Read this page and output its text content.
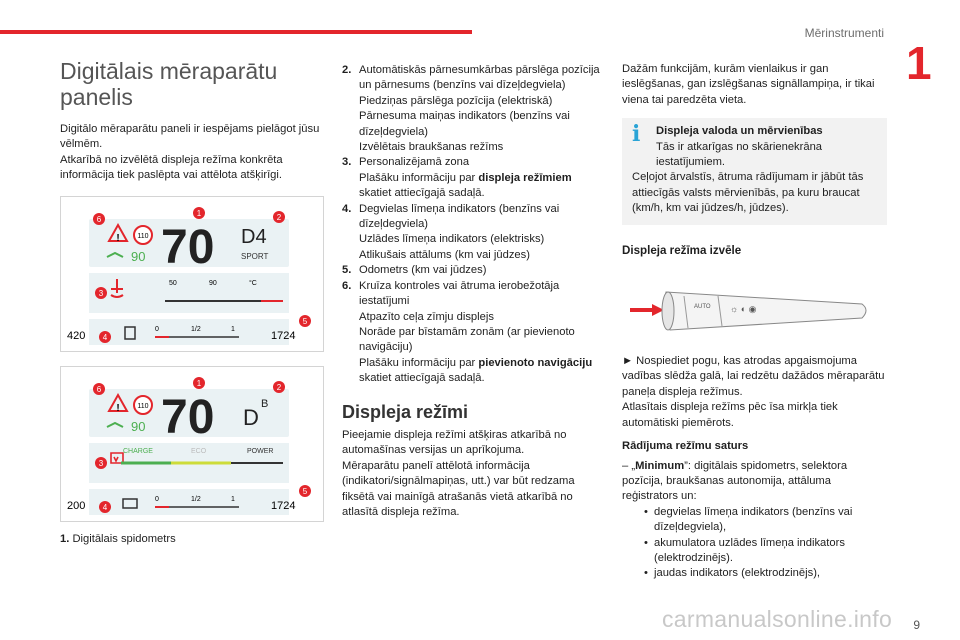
Mērinstrumenti
1
Digitālais mēraparātu panelis

Digitālo mēraparātu paneli ir iespējams pielāgot jūsu vēlmēm.

Atkarībā no izvēlētā displeja režīma konkrēta informācija tiek paslēpta vai attēlota atšķirīgi.

!	110
90 70 D4
SPORT
50	90	°C
420
0	1/2	1
1724
1	2
3
4
5
6
!	110
90 70 D
B
CHARGE	ECO	POWER
200
0	1/2	1
1724
1	2
3
4
5
6
1. Digitālais spidometrs
2. Automātiskās pārnesumkārbas pārslēga pozīcija un pārnesums (benzīns vai dīzeļdegviela)
Piedziņas pārslēga pozīcija (elektriskā)
Pārnesuma maiņas indikators (benzīns vai dīzeļdegviela)
Izvēlētais braukšanas režīms
3. Personalizējamā zona
Plašāku informāciju par displeja režīmiem skatiet attiecīgajā sadaļā.
4. Degvielas līmeņa indikators (benzīns vai dīzeļdegviela)
Uzlādes līmeņa indikators (elektrisks)
Atlikušais attālums (km vai jūdzes)
5. Odometrs (km vai jūdzes)
6. Kruīza kontroles vai ātruma ierobežotāja iestatījumi
Atpazīto ceļa zīmju displejs
Norāde par bīstamām zonām (ar pievienoto navigāciju)
Plašāku informāciju par pievienoto navigāciju skatiet attiecīgajā sadaļā.
Displeja režīmi

Pieejamie displeja režīmi atšķiras atkarībā no automašīnas versijas un aprīkojuma.

Mēraparātu panelī attēlotā informācija (indikatori/signālmapiņas, utt.) var būt redzama fiksētā vai mainīgā atrašanās vietā atkarībā no atlasītā displeja režīma.

Dažām funkcijām, kurām vienlaikus ir gan ieslēgšanas, gan izslēgšanas signāllampiņa, ir tikai viena tai paredzēta vieta.

i	Displeja valoda un mērvienības
Tās ir atkarīgas no skārienekrāna iestatījumiem.
Ceļojot ārvalstīs, ātruma rādījumam ir jābūt tās attiecīgās valsts mērvienībās, pa kuru braucat (km/h, km vai jūdzes/h, jūdzes).
Displeja režīma izvēle
AUTO ☼ ◐ ◉

► Nospiediet pogu, kas atrodas apgaismojuma vadības slēdža galā, lai redzētu dažādos mēraparātu paneļa displeja režīmus.

Atlasītais displeja režīms pēc īsa mirkļa tiek automātiski piemērots.

Rādījuma režīmu saturs

– „Minimum”: digitālais spidometrs, selektora pozīcija, braukšanas autonomija, attāluma reģistrators un:

• degvielas līmeņa indikators (benzīns vai dīzeļdegviela),
• akumulatora uzlādes līmeņa indikators (elektrodzinējs).
• jaudas indikators (elektrodzinējs),
carmanualsonline.info 9
